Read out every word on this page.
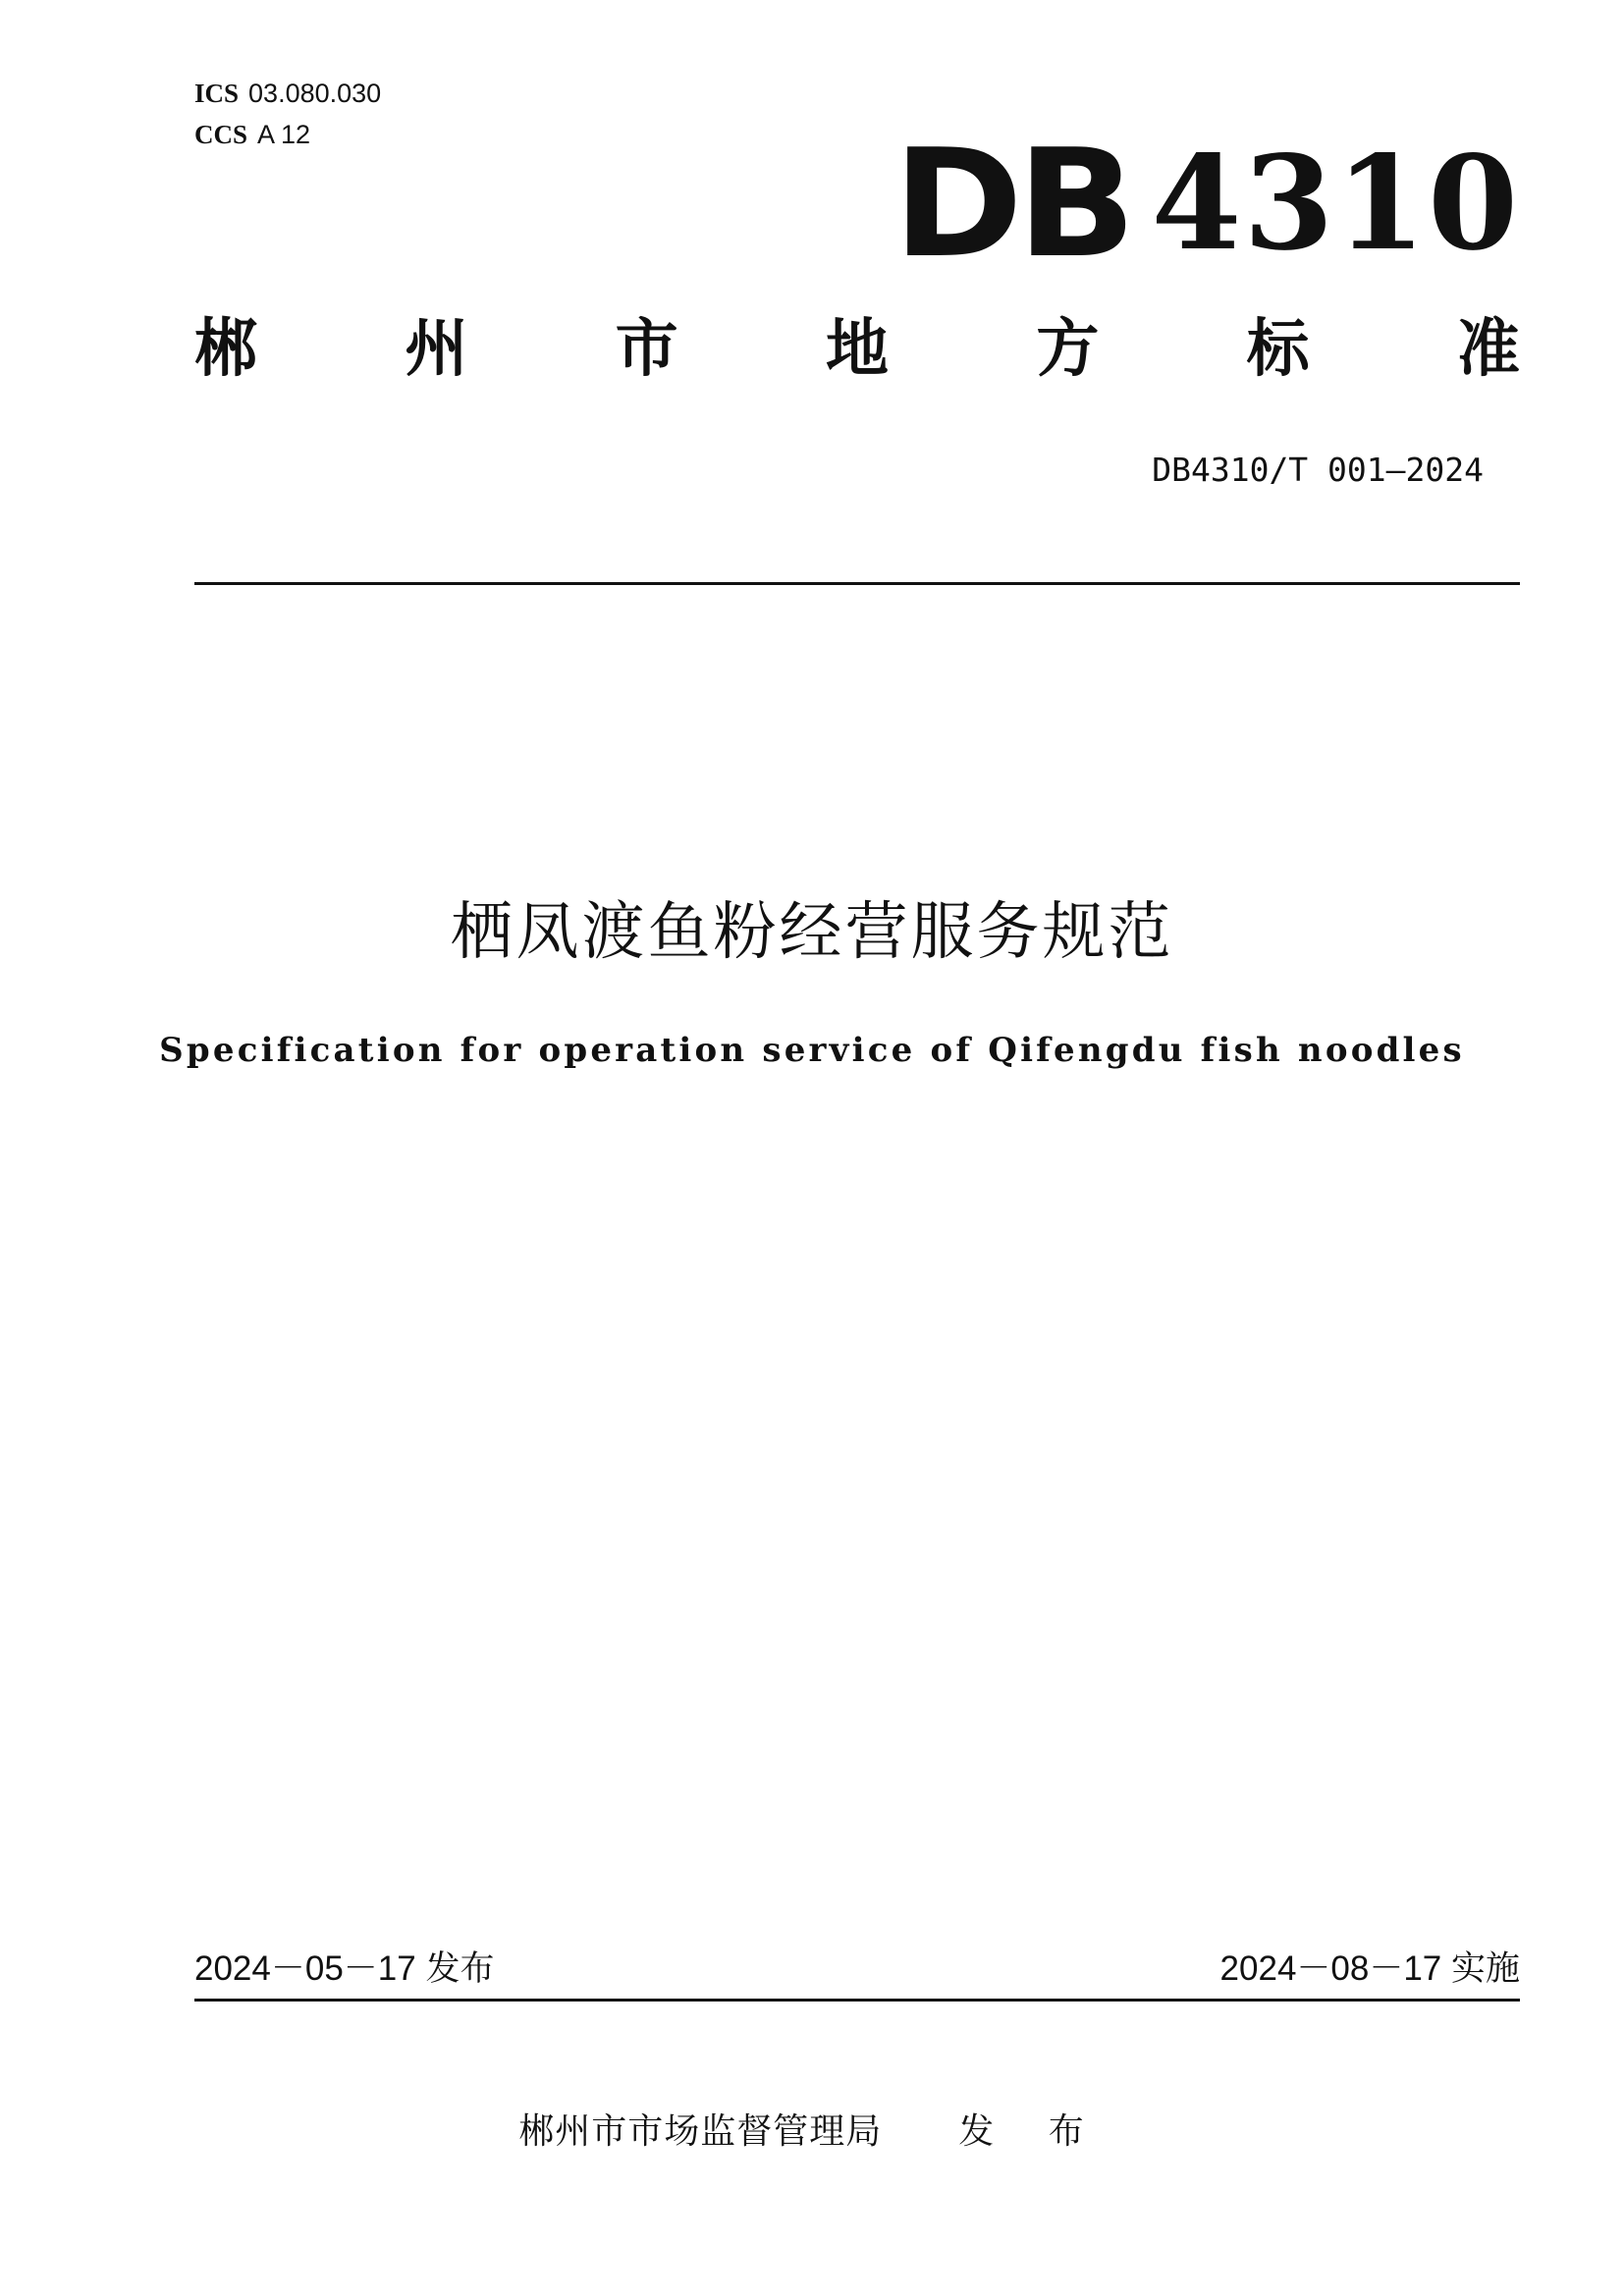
ICS 03.080.030
CCS A 12	DB 4310
郴 州 市 地 方 标 准
DB4310/T 001—2024
栖凤渡鱼粉经营服务规范
Specification for operation service of Qifengdu fish noodles
2024－05－17 发布	2024－08－17 实施
郴州市市场监督管理局 发 布
